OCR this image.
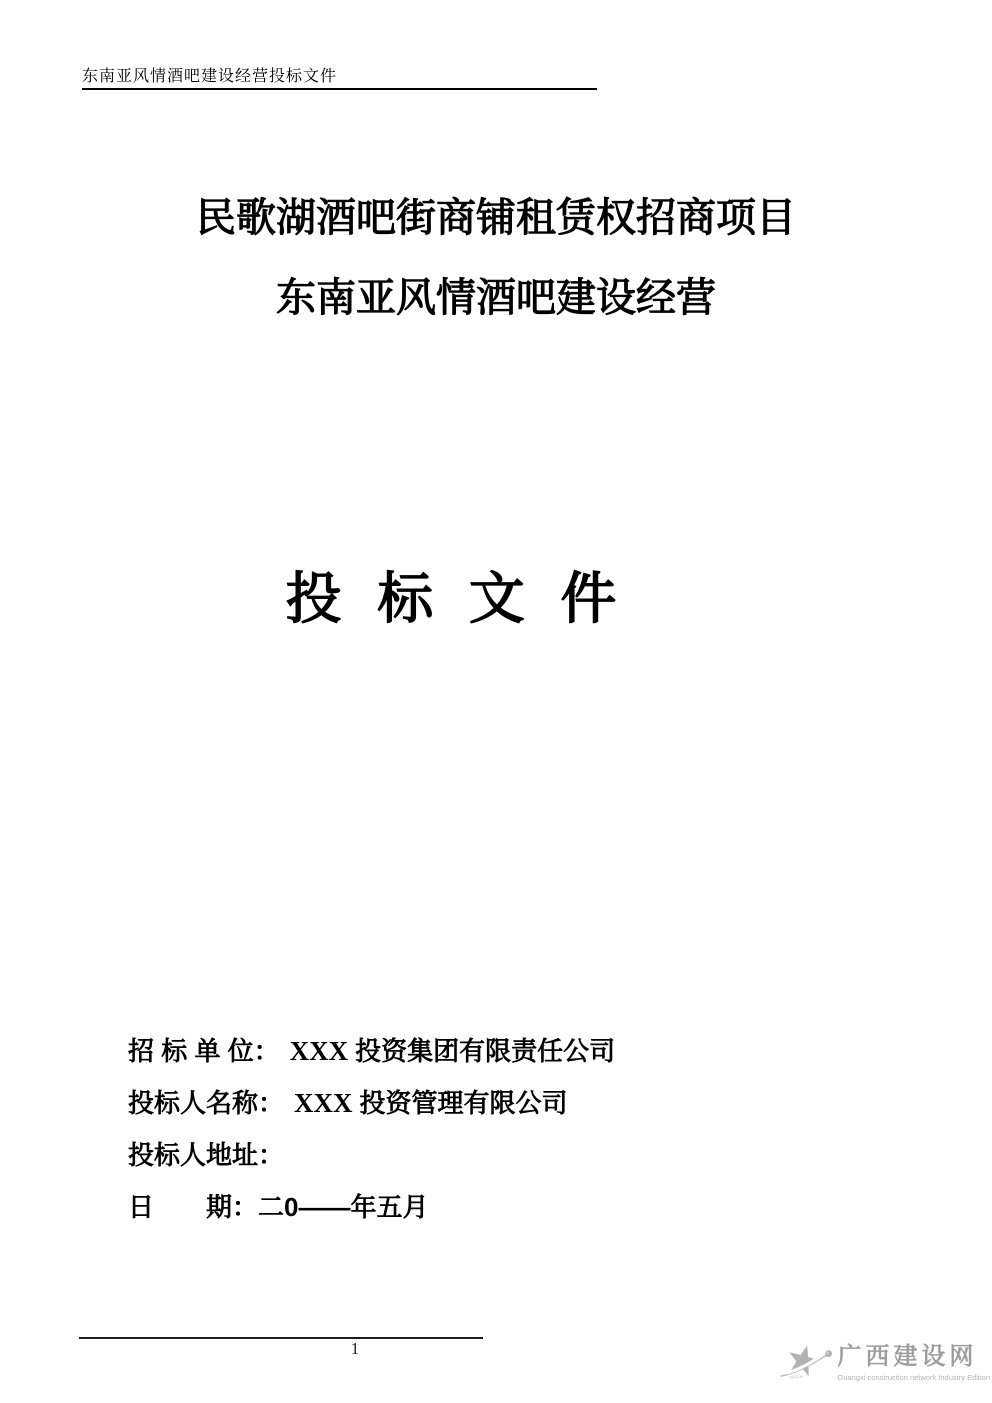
东南亚风情酒吧建设经营投标文件
民歌湖酒吧街商铺租赁权招商项目
东南亚风情酒吧建设经营
投 标 文 件
招 标 单 位： XXX 投资集团有限责任公司
投标人名称： XXX 投资管理有限公司
投标人地址：
日　　期：二0——年五月
1
gxjsw
广西建设网
Guangxi construction network Industry Edition
